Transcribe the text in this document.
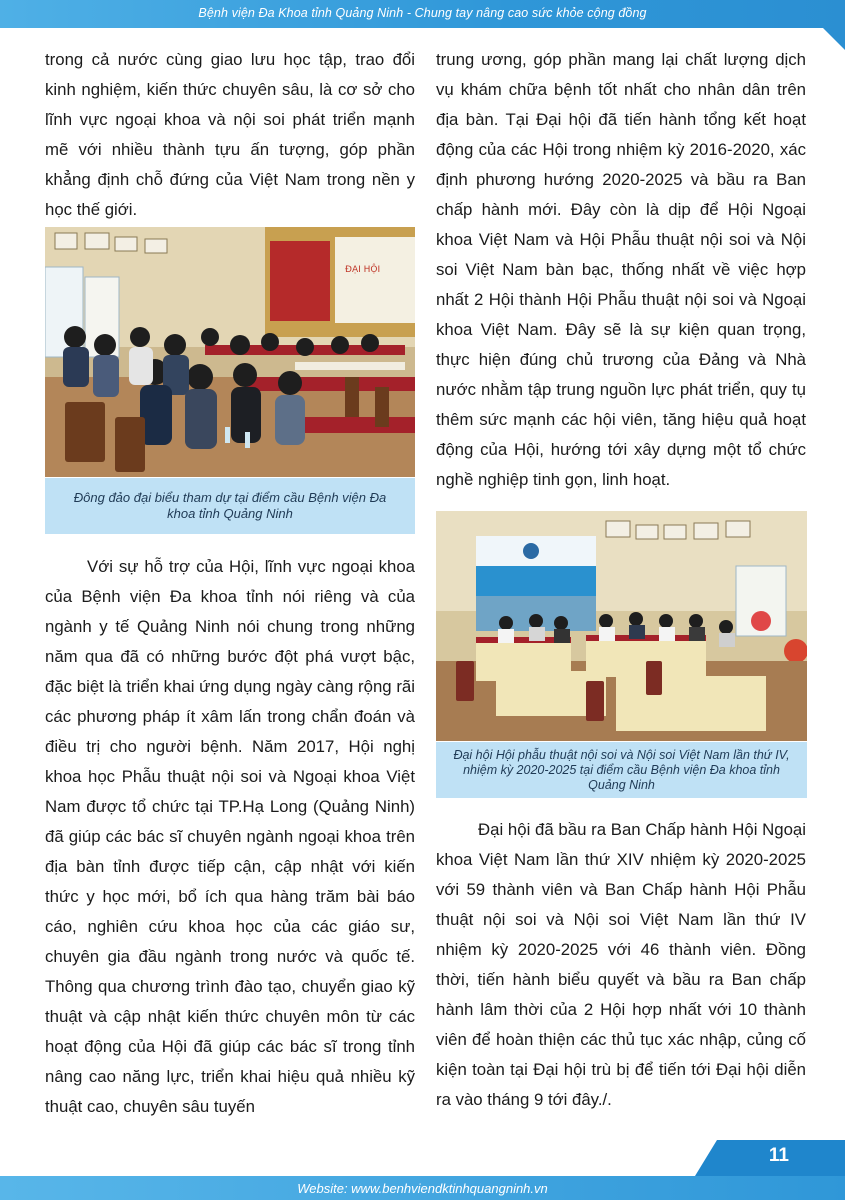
Bệnh viện Đa Khoa tỉnh Quảng Ninh - Chung tay nâng cao sức khỏe cộng đồng

trong cả nước cùng giao lưu học tập, trao đổi kinh nghiệm, kiến thức chuyên sâu, là cơ sở cho lĩnh vực ngoại khoa và nội soi phát triển mạnh mẽ với nhiều thành tựu ấn tượng, góp phần khẳng định chỗ đứng của Việt Nam trong nền y học thế giới.

ĐẠI HỘI
Đông đảo đại biểu tham dự tại điểm cầu Bệnh viện Đa khoa tỉnh Quảng Ninh

Với sự hỗ trợ của Hội, lĩnh vực ngoại khoa của Bệnh viện Đa khoa tỉnh nói riêng và của ngành y tế Quảng Ninh nói chung trong những năm qua đã có những bước đột phá vượt bậc, đặc biệt là triển khai ứng dụng ngày càng rộng rãi các phương pháp ít xâm lấn trong chẩn đoán và điều trị cho người bệnh. Năm 2017, Hội nghị khoa học Phẫu thuật nội soi và Ngoại khoa Việt Nam được tổ chức tại TP.Hạ Long (Quảng Ninh) đã giúp các bác sĩ chuyên ngành ngoại khoa trên địa bàn tỉnh được tiếp cận, cập nhật với kiến thức y học mới, bổ ích qua hàng trăm bài báo cáo, nghiên cứu khoa học của các giáo sư, chuyên gia đầu ngành trong nước và quốc tế. Thông qua chương trình đào tạo, chuyển giao kỹ thuật và cập nhật kiến thức chuyên môn từ các hoạt động của Hội đã giúp các bác sĩ trong tỉnh nâng cao năng lực, triển khai hiệu quả nhiều kỹ thuật cao, chuyên sâu tuyến

trung ương, góp phần mang lại chất lượng dịch vụ khám chữa bệnh tốt nhất cho nhân dân trên địa bàn. Tại Đại hội đã tiến hành tổng kết hoạt động của các Hội trong nhiệm kỳ 2016-2020, xác định phương hướng 2020-2025 và bầu ra Ban chấp hành mới. Đây còn là dịp để Hội Ngoại khoa Việt Nam và Hội Phẫu thuật nội soi và Nội soi Việt Nam bàn bạc, thống nhất về việc hợp nhất 2 Hội thành Hội Phẫu thuật nội soi và Ngoại khoa Việt Nam. Đây sẽ là sự kiện quan trọng, thực hiện đúng chủ trương của Đảng và Nhà nước nhằm tập trung nguồn lực phát triển, quy tụ thêm sức mạnh các hội viên, tăng hiệu quả hoạt động của Hội, hướng tới xây dựng một tổ chức nghề nghiệp tinh gọn, linh hoạt.

Đại hội Hội phẫu thuật nội soi và Nội soi Việt Nam lần thứ IV, nhiệm kỳ 2020-2025 tại điểm cầu Bệnh viện Đa khoa tỉnh Quảng Ninh

Đại hội đã bầu ra Ban Chấp hành Hội Ngoại khoa Việt Nam lần thứ XIV nhiệm kỳ 2020-2025 với 59 thành viên và Ban Chấp hành Hội Phẫu thuật nội soi và Nội soi Việt Nam lần thứ IV nhiệm kỳ 2020-2025 với 46 thành viên. Đồng thời, tiến hành biểu quyết và bầu ra Ban chấp hành lâm thời của 2 Hội hợp nhất với 10 thành viên để hoàn thiện các thủ tục xác nhập, củng cố kiện toàn tại Đại hội trù bị để tiến tới Đại hội diễn ra vào tháng 9 tới đây./.

11
Website: www.benhviendktinhquangninh.vn
